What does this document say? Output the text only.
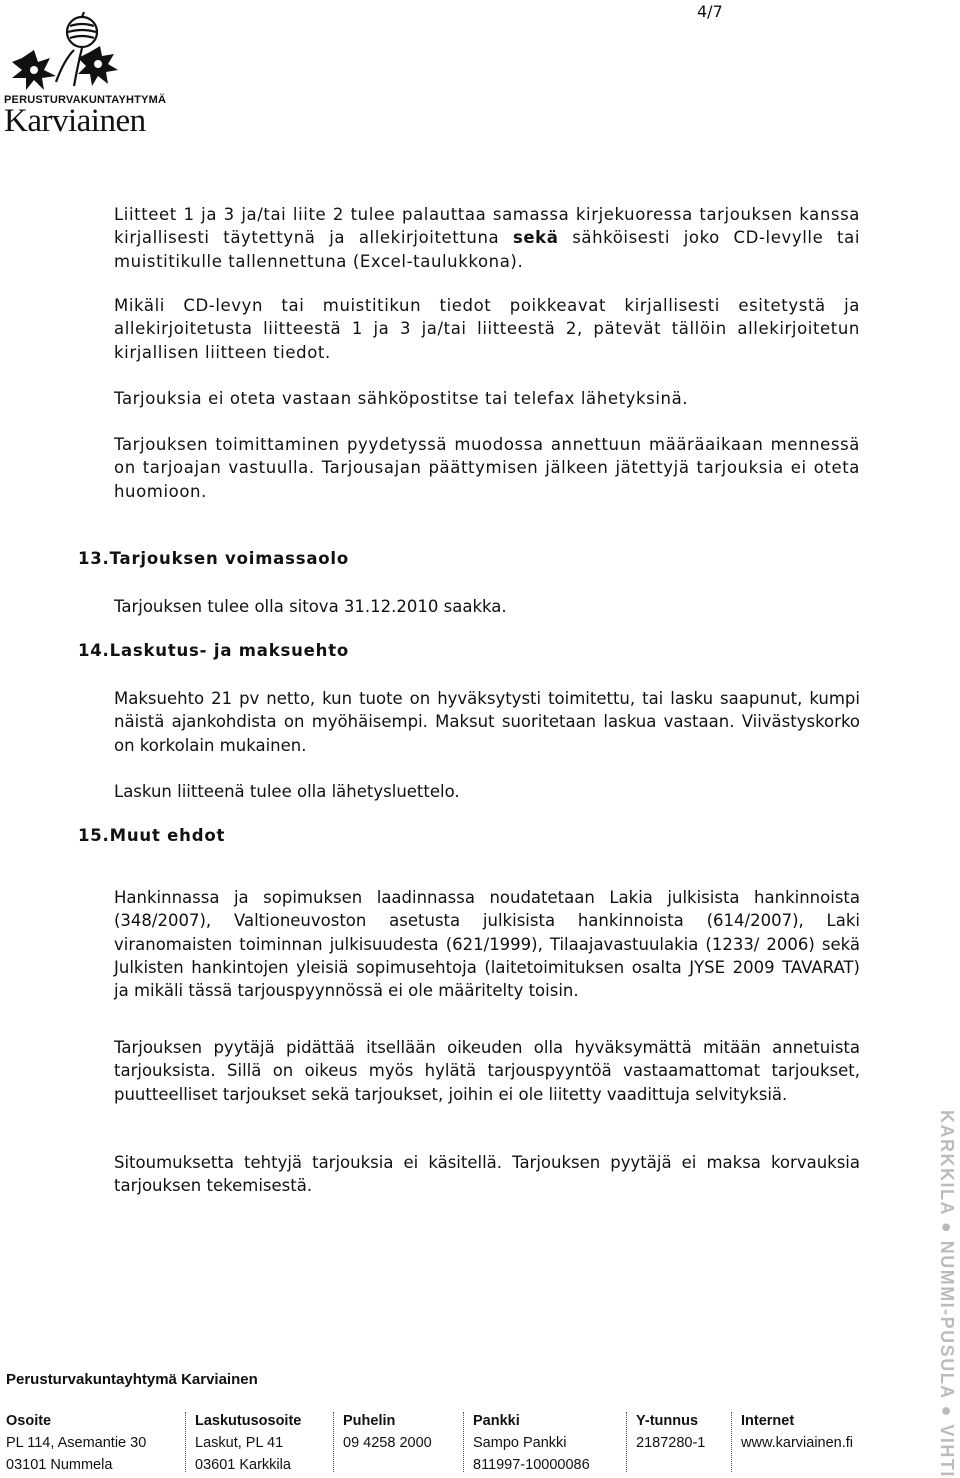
4/7
PERUSTURVAKUNTAYHTYMÄ
Karviainen

Liitteet 1 ja 3 ja/tai liite 2 tulee palauttaa samassa kirjekuoressa tarjouksen kanssa kirjallisesti täytettynä ja allekirjoitettuna sekä sähköisesti joko CD-levylle tai muistitikulle tallennettuna (Excel-taulukkona).

Mikäli CD-levyn tai muistitikun tiedot poikkeavat kirjallisesti esitetystä ja allekirjoitetusta liitteestä 1 ja 3 ja/tai liitteestä 2, pätevät tällöin allekirjoitetun kirjallisen liitteen tiedot.

Tarjouksia ei oteta vastaan sähköpostitse tai telefax lähetyksinä.

Tarjouksen toimittaminen pyydetyssä muodossa annettuun määräaikaan mennessä on tarjoajan vastuulla. Tarjousajan päättymisen jälkeen jätettyjä tarjouksia ei oteta huomioon.

13.Tarjouksen voimassaolo

Tarjouksen tulee olla sitova 31.12.2010 saakka.

14.Laskutus- ja maksuehto

Maksuehto 21 pv netto, kun tuote on hyväksytysti toimitettu, tai lasku saapunut, kumpi näistä ajankohdista on myöhäisempi. Maksut suoritetaan laskua vastaan. Viivästyskorko on korkolain mukainen.

Laskun liitteenä tulee olla lähetysluettelo.

15.Muut ehdot

Hankinnassa ja sopimuksen laadinnassa noudatetaan Lakia julkisista hankinnoista (348/2007), Valtioneuvoston asetusta julkisista hankinnoista (614/2007), Laki viranomaisten toiminnan julkisuudesta (621/1999), Tilaajavastuulakia (1233/ 2006) sekä Julkisten hankintojen yleisiä sopimusehtoja (laitetoimituksen osalta JYSE 2009 TAVARAT) ja mikäli tässä tarjouspyynnössä ei ole määritelty toisin.

Tarjouksen pyytäjä pidättää itsellään oikeuden olla hyväksymättä mitään annetuista tarjouksista. Sillä on oikeus myös hylätä tarjouspyyntöä vastaamattomat tarjoukset, puutteelliset tarjoukset sekä tarjoukset, joihin ei ole liitetty vaadittuja selvityksiä.

Sitoumuksetta tehtyjä tarjouksia ei käsitellä. Tarjouksen pyytäjä ei maksa korvauksia tarjouksen tekemisestä.	KARKKILA ● NUMMI-PUSULA ● VIHTI
Perusturvakuntayhtymä Karviainen
Osoite
PL 114, Asemantie 30
03101 Nummela
Laskutusosoite
Laskut, PL 41
03601 Karkkila
Puhelin
09 4258 2000
Pankki
Sampo Pankki
811997-10000086
Y-tunnus
2187280-1
Internet
www.karviainen.fi
